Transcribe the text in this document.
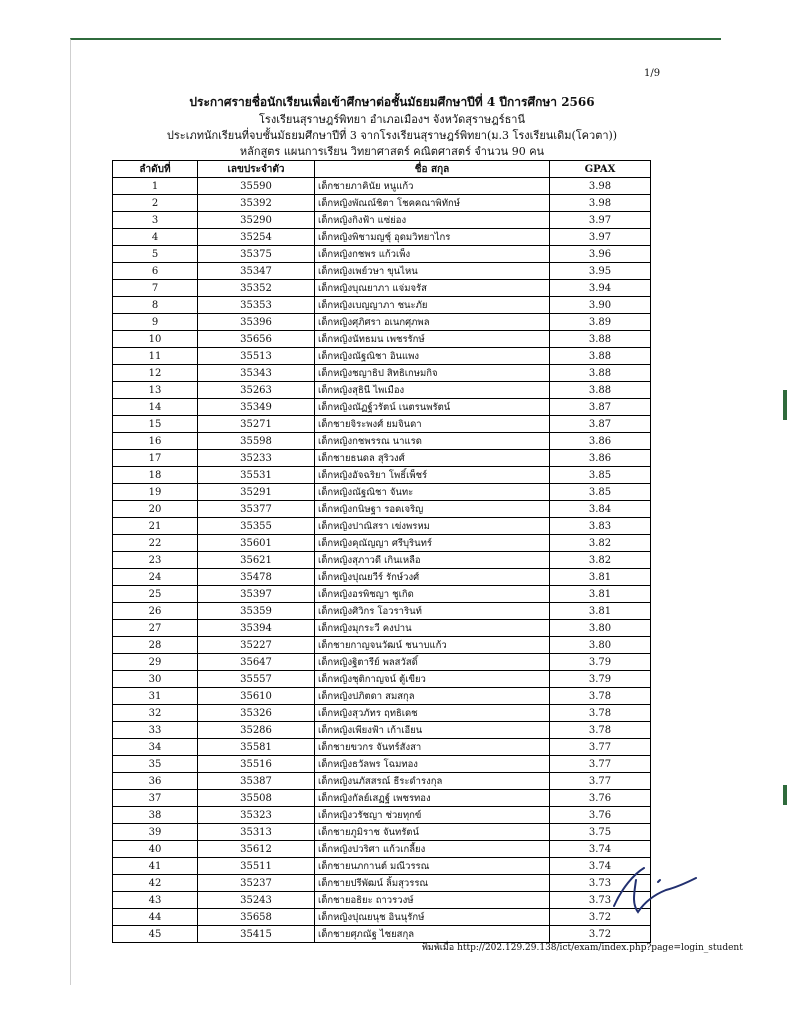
1/9
ประกาศรายชื่อนักเรียนเพื่อเข้าศึกษาต่อชั้นมัธยมศึกษาปีที่ 4 ปีการศึกษา 2566
โรงเรียนสุราษฎร์พิทยา อำเภอเมืองฯ จังหวัดสุราษฎร์ธานี
ประเภทนักเรียนที่จบชั้นมัธยมศึกษาปีที่ 3 จากโรงเรียนสุราษฎร์พิทยา(ม.3 โรงเรียนเดิม(โควตา))
หลักสูตร แผนการเรียน วิทยาศาสตร์ คณิตศาสตร์ จำนวน 90 คน
ลำดับที่	เลขประจำตัว	ชื่อ สกุล	GPAX
1	35590	เด็กชายภาคินัย หนูแก้ว	3.98
2	35392	เด็กหญิงพัณณ์ชิตา โชคคณาพิทักษ์	3.98
3	35290	เด็กหญิงกิงฟ้า แซ่ย่อง	3.97
4	35254	เด็กหญิงพิชามญชุ์ อุดมวิทยาไกร	3.97
5	35375	เด็กหญิงกชพร แก้วเพ็ง	3.96
6	35347	เด็กหญิงเพย์วษา ขุนไหน	3.95
7	35352	เด็กหญิงบุณยาภา แจ่มจรัส	3.94
8	35353	เด็กหญิงเบญญาภา ชนะภัย	3.90
9	35396	เด็กหญิงศุภิศรา อเนกศุภพล	3.89
10	35656	เด็กหญิงนัทธมน เพชรรักษ์	3.88
11	35513	เด็กหญิงณัฐณิชา อินแพง	3.88
12	35343	เด็กหญิงชญาธิป สิทธิเกษมกิจ	3.88
13	35263	เด็กหญิงสุธินี ไพเมือง	3.88
14	35349	เด็กหญิงณัฏฐ์วรัตน์ เนตรนพรัตน์	3.87
15	35271	เด็กชายจิระพงศ์ ยมจินดา	3.87
16	35598	เด็กหญิงกชพรรณ นาแรด	3.86
17	35233	เด็กชายธนดล สุริวงศ์	3.86
18	35531	เด็กหญิงอัจฉริยา โพธิ์เพ็ชร์	3.85
19	35291	เด็กหญิงณัฐณิชา จันทะ	3.85
20	35377	เด็กหญิงกนิษฐา รอดเจริญ	3.84
21	35355	เด็กหญิงปาณิสรา เข่งพรหม	3.83
22	35601	เด็กหญิงคุณัญญา ศรีบุรินทร์	3.82
23	35621	เด็กหญิงสุภาวดี เกินเหลือ	3.82
24	35478	เด็กหญิงปุณยวีร์ รักษ์วงศ์	3.81
25	35397	เด็กหญิงอรพิชญา ชูเกิด	3.81
26	35359	เด็กหญิงศิวิกร โอวรารินท์	3.81
27	35394	เด็กหญิงมุกระวี คงปาน	3.80
28	35227	เด็กชายกาญจนวัฒน์ ชนาบแก้ว	3.80
29	35647	เด็กหญิงฐิตารีย์ พลสวัสดิ์	3.79
30	35557	เด็กหญิงชุติกาญจน์ ตู้เขียว	3.79
31	35610	เด็กหญิงปภิตดา สมสกุล	3.78
32	35326	เด็กหญิงสุวภัทร ฤทธิเดช	3.78
33	35286	เด็กหญิงเพียงฟ้า เก้าเอียน	3.78
34	35581	เด็กชายขวกร จันทร์สังสา	3.77
35	35516	เด็กหญิงธวัลพร โฉมทอง	3.77
36	35387	เด็กหญิงนภัสสรณ์ ธีระดำรงกุล	3.77
37	35508	เด็กหญิงกัลย์เสฏฐ์ เพชรทอง	3.76
38	35323	เด็กหญิงวรัชญา ช่วยทุกข์	3.76
39	35313	เด็กชายภูมิราช จันทรัตน์	3.75
40	35612	เด็กหญิงปวริศา แก้วเกลี้ยง	3.74
41	35511	เด็กชายนภกานต์ มณีวรรณ	3.74
42	35237	เด็กชายปรีพัฒน์ ลิ้มสุวรรณ	3.73
43	35243	เด็กชายอธิยะ ถาวรวงษ์	3.73
44	35658	เด็กหญิงปุณยนุช อินนุรักษ์	3.72
45	35415	เด็กชายศุภณัฐ ไชยสกุล	3.72
พิมพ์เมื่อ http://202.129.29.138/ict/exam/index.php?page=login_student
